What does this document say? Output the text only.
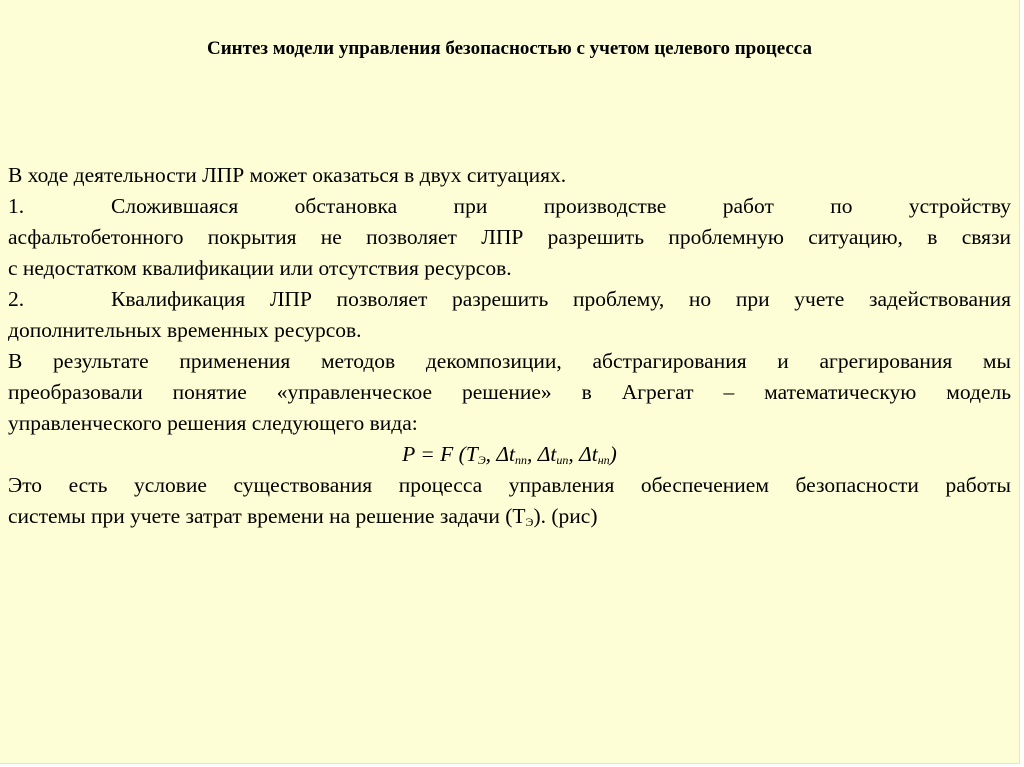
Синтез модели управления безопасностью с учетом целевого процесса

В ходе деятельности ЛПР может оказаться в двух ситуациях.

1.	Сложившаяся обстановка при производстве работ по устройству

асфальтобетонного покрытия не позволяет ЛПР разрешить проблемную ситуацию, в связи

с недостатком квалификации или отсутствия ресурсов.

2.	Квалификация ЛПР позволяет разрешить проблему, но при учете задействования

дополнительных временных ресурсов.

В результате применения методов декомпозиции, абстрагирования и агрегирования мы

преобразовали понятие «управленческое решение» в Агрегат – математическую модель

управленческого решения следующего вида:

P = F ($T_Э$, $\Delta t_{пп}$, $\Delta t_{ип}$, $\Delta t_{нп}$)

Это есть условие существования процесса управления обеспечением безопасности работы

системы при учете затрат времени на решение задачи (ТЭ). (рис)
